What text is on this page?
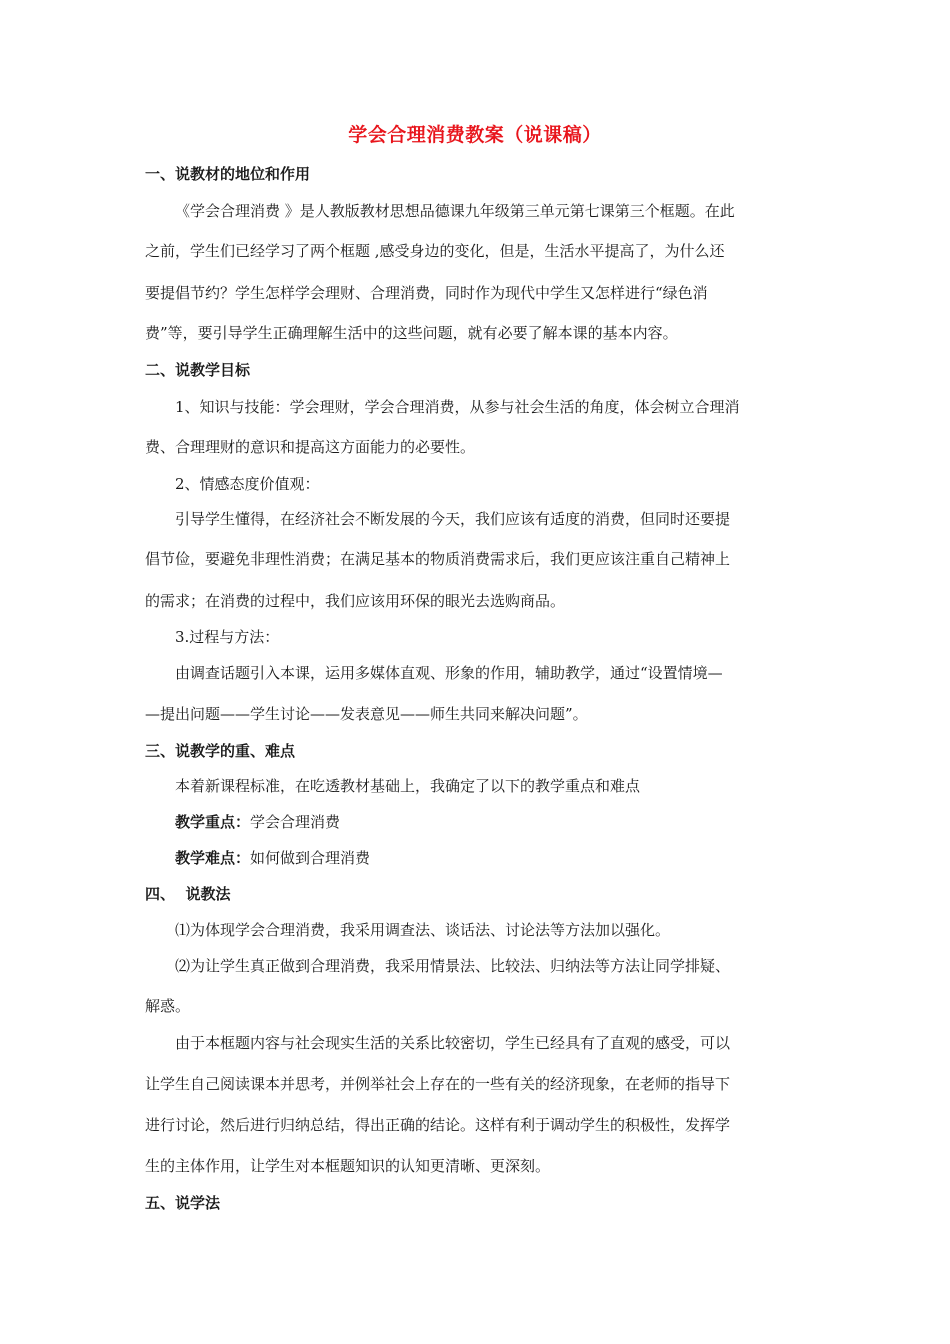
学会合理消费教案（说课稿）
一、说教材的地位和作用
《学会合理消费 》是人教版教材思想品德课九年级第三单元第七课第三个框题。在此
之前，学生们已经学习了两个框题 ,感受身边的变化，但是，生活水平提高了，为什么还
要提倡节约？学生怎样学会理财、合理消费，同时作为现代中学生又怎样进行“绿色消
费”等，要引导学生正确理解生活中的这些问题，就有必要了解本课的基本内容。
二、说教学目标
1、知识与技能：学会理财，学会合理消费，从参与社会生活的角度，体会树立合理消
费、合理理财的意识和提高这方面能力的必要性。
2、情感态度价值观：
引导学生懂得，在经济社会不断发展的今天，我们应该有适度的消费，但同时还要提
倡节俭，要避免非理性消费；在满足基本的物质消费需求后，我们更应该注重自己精神上
的需求；在消费的过程中，我们应该用环保的眼光去选购商品。
3.过程与方法：
由调查话题引入本课，运用多媒体直观、形象的作用，辅助教学，通过“设置情境—
—提出问题——学生讨论——发表意见——师生共同来解决问题”。
三、说教学的重、难点
本着新课程标准，在吃透教材基础上，我确定了以下的教学重点和难点
教学重点：学会合理消费
教学难点：如何做到合理消费
四、  说教法
⑴为体现学会合理消费，我采用调查法、谈话法、讨论法等方法加以强化。
⑵为让学生真正做到合理消费，我采用情景法、比较法、归纳法等方法让同学排疑、
解惑。
由于本框题内容与社会现实生活的关系比较密切，学生已经具有了直观的感受，可以
让学生自己阅读课本并思考，并例举社会上存在的一些有关的经济现象，在老师的指导下
进行讨论，然后进行归纳总结，得出正确的结论。这样有利于调动学生的积极性，发挥学
生的主体作用，让学生对本框题知识的认知更清晰、更深刻。
五、说学法
